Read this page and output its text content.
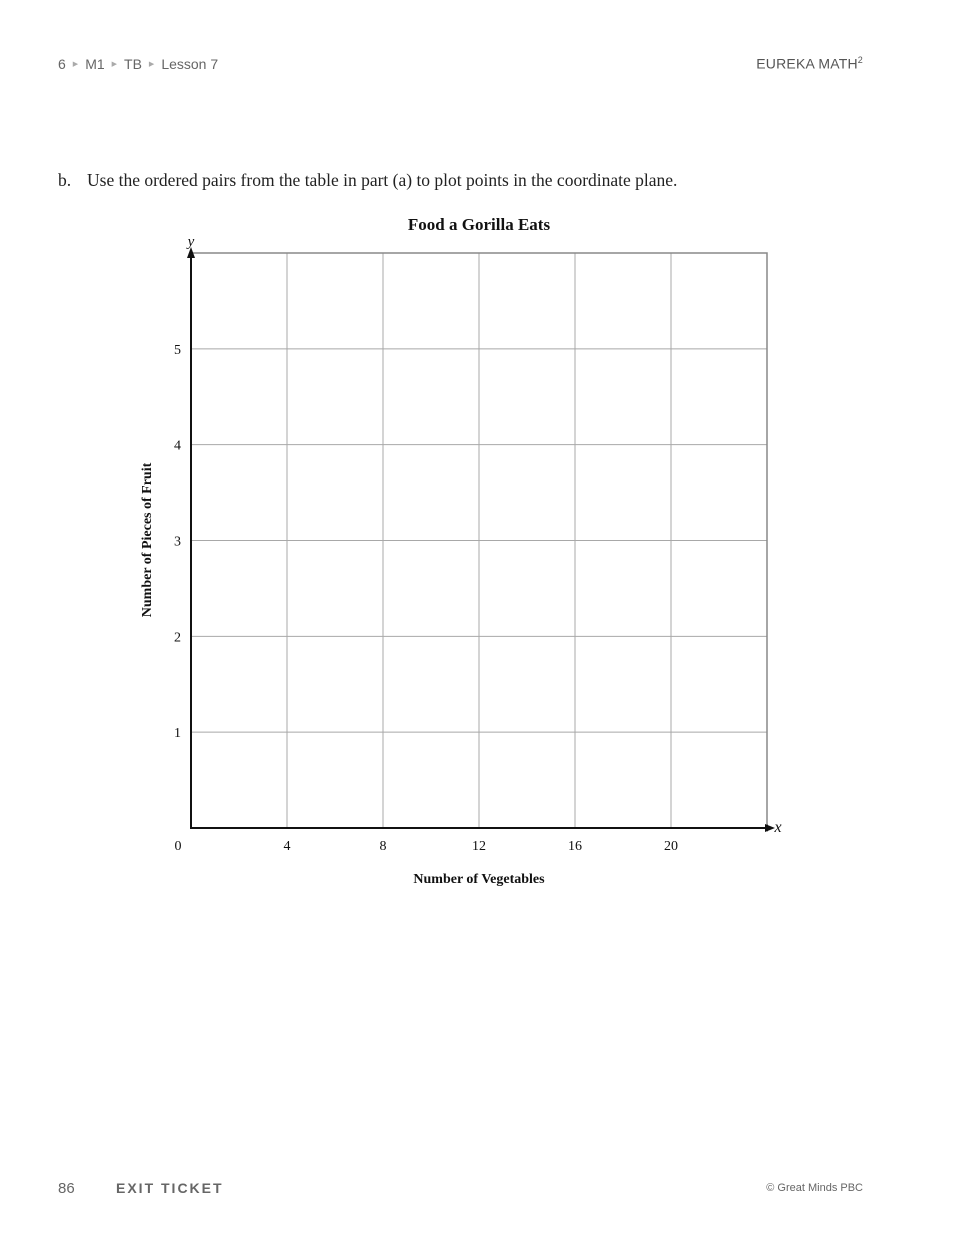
6 ▶ M1 ▶ TB ▶ Lesson 7	EUREKA MATH$^2$
b. Use the ordered pairs from the table in part (a) to plot points in the coordinate plane.
Food a Gorilla Eats
0	4	8	12	16	20
1
2
3
4
5
y
x
Number of Vegetables
Number of Pieces of Fruit
86	EXIT TICKET	© Great Minds PBC
